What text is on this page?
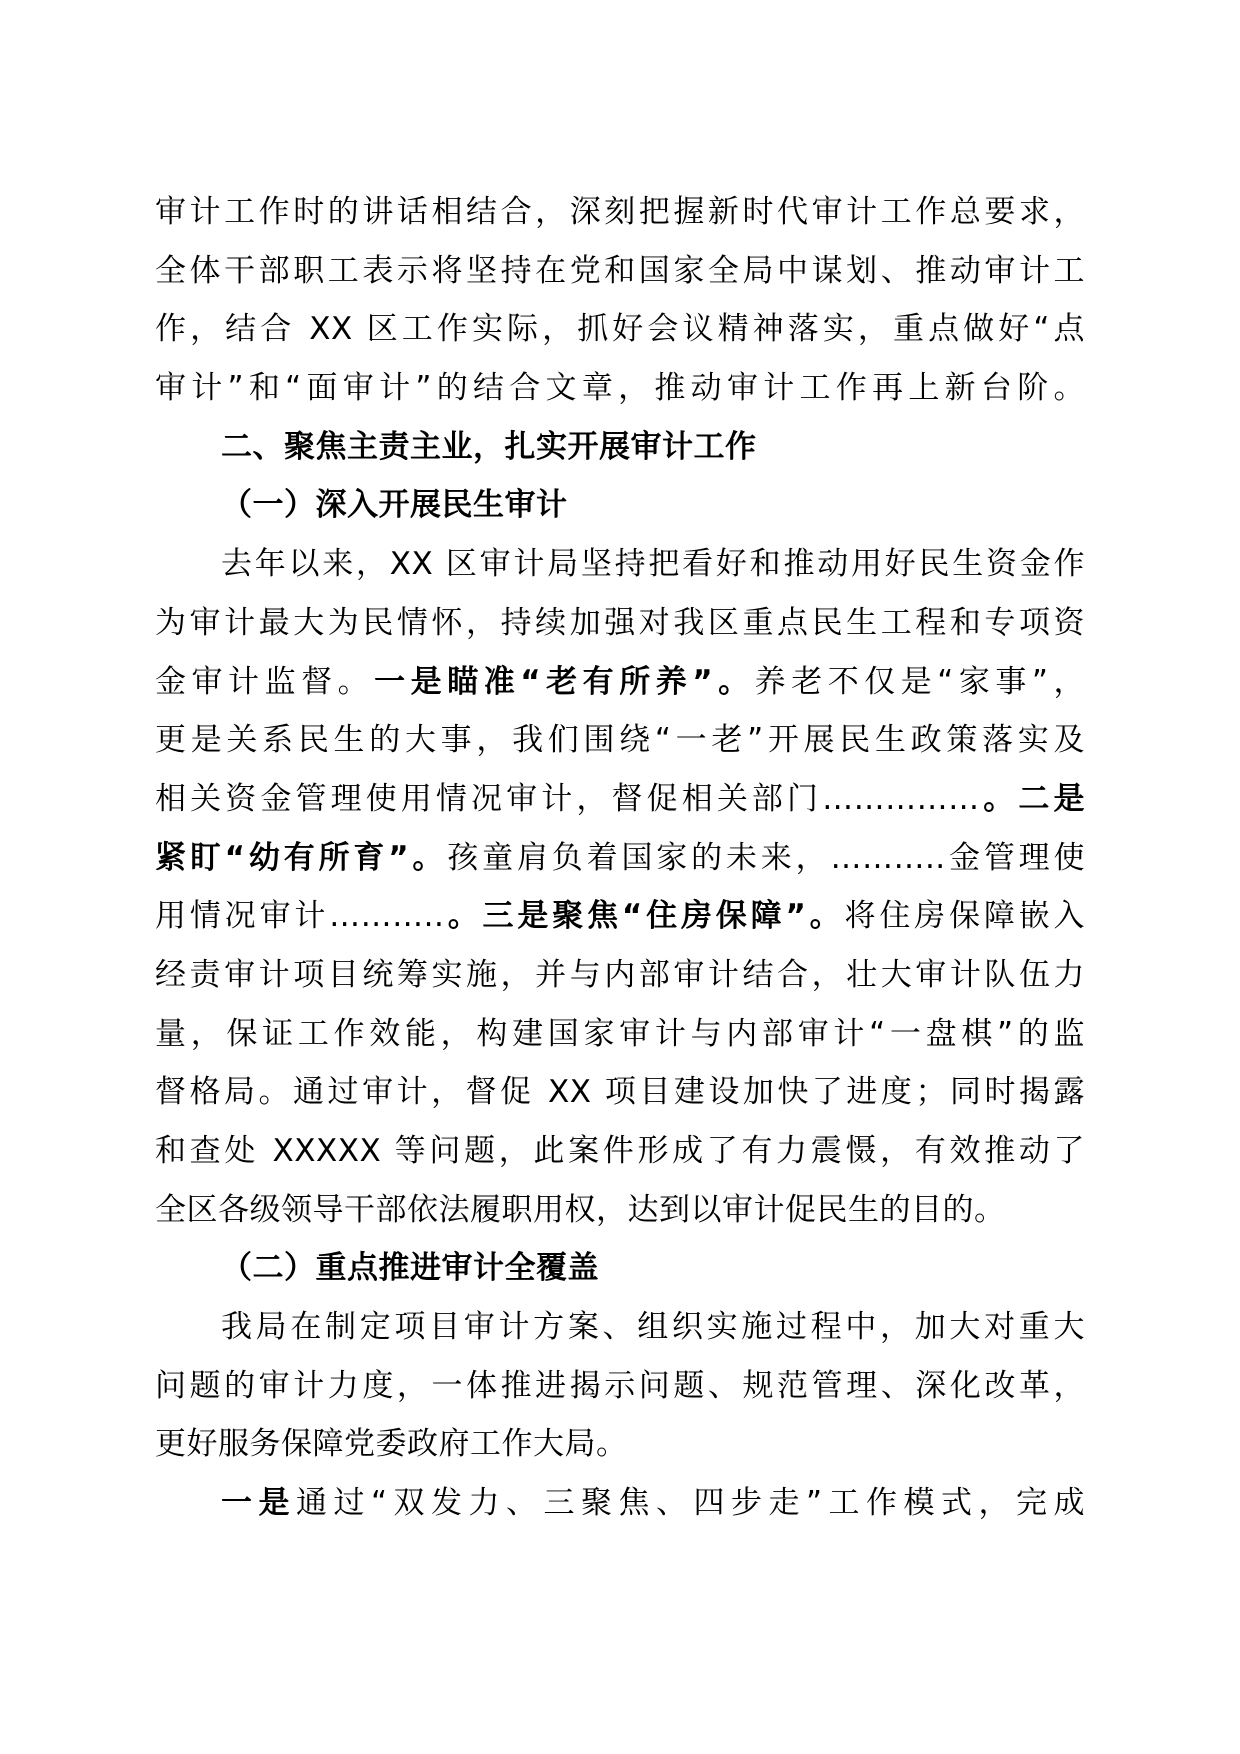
审计工作时的讲话相结合，深刻把握新时代审计工作总要求，
全体干部职工表示将坚持在党和国家全局中谋划、推动审计工
作，结合 XX 区工作实际，抓好会议精神落实，重点做好“点
审计”和“面审计”的结合文章，推动审计工作再上新台阶。
二、聚焦主责主业，扎实开展审计工作
（一）深入开展民生审计
去年以来，XX 区审计局坚持把看好和推动用好民生资金作
为审计最大为民情怀，持续加强对我区重点民生工程和专项资
金审计监督。一是瞄准“老有所养”。养老不仅是“家事”，
更是关系民生的大事，我们围绕“一老”开展民生政策落实及
相关资金管理使用情况审计，督促相关部门……………。二是
紧盯“幼有所育”。孩童肩负着国家的未来，………..金管理使
用情况审计………..。三是聚焦“住房保障”。将住房保障嵌入
经责审计项目统筹实施，并与内部审计结合，壮大审计队伍力
量，保证工作效能，构建国家审计与内部审计“一盘棋”的监
督格局。通过审计，督促 XX 项目建设加快了进度；同时揭露
和查处 XXXXX 等问题，此案件形成了有力震慑，有效推动了
全区各级领导干部依法履职用权，达到以审计促民生的目的。
（二）重点推进审计全覆盖
我局在制定项目审计方案、组织实施过程中，加大对重大
问题的审计力度，一体推进揭示问题、规范管理、深化改革，
更好服务保障党委政府工作大局。
一是通过“双发力、三聚焦、四步走”工作模式，完成
